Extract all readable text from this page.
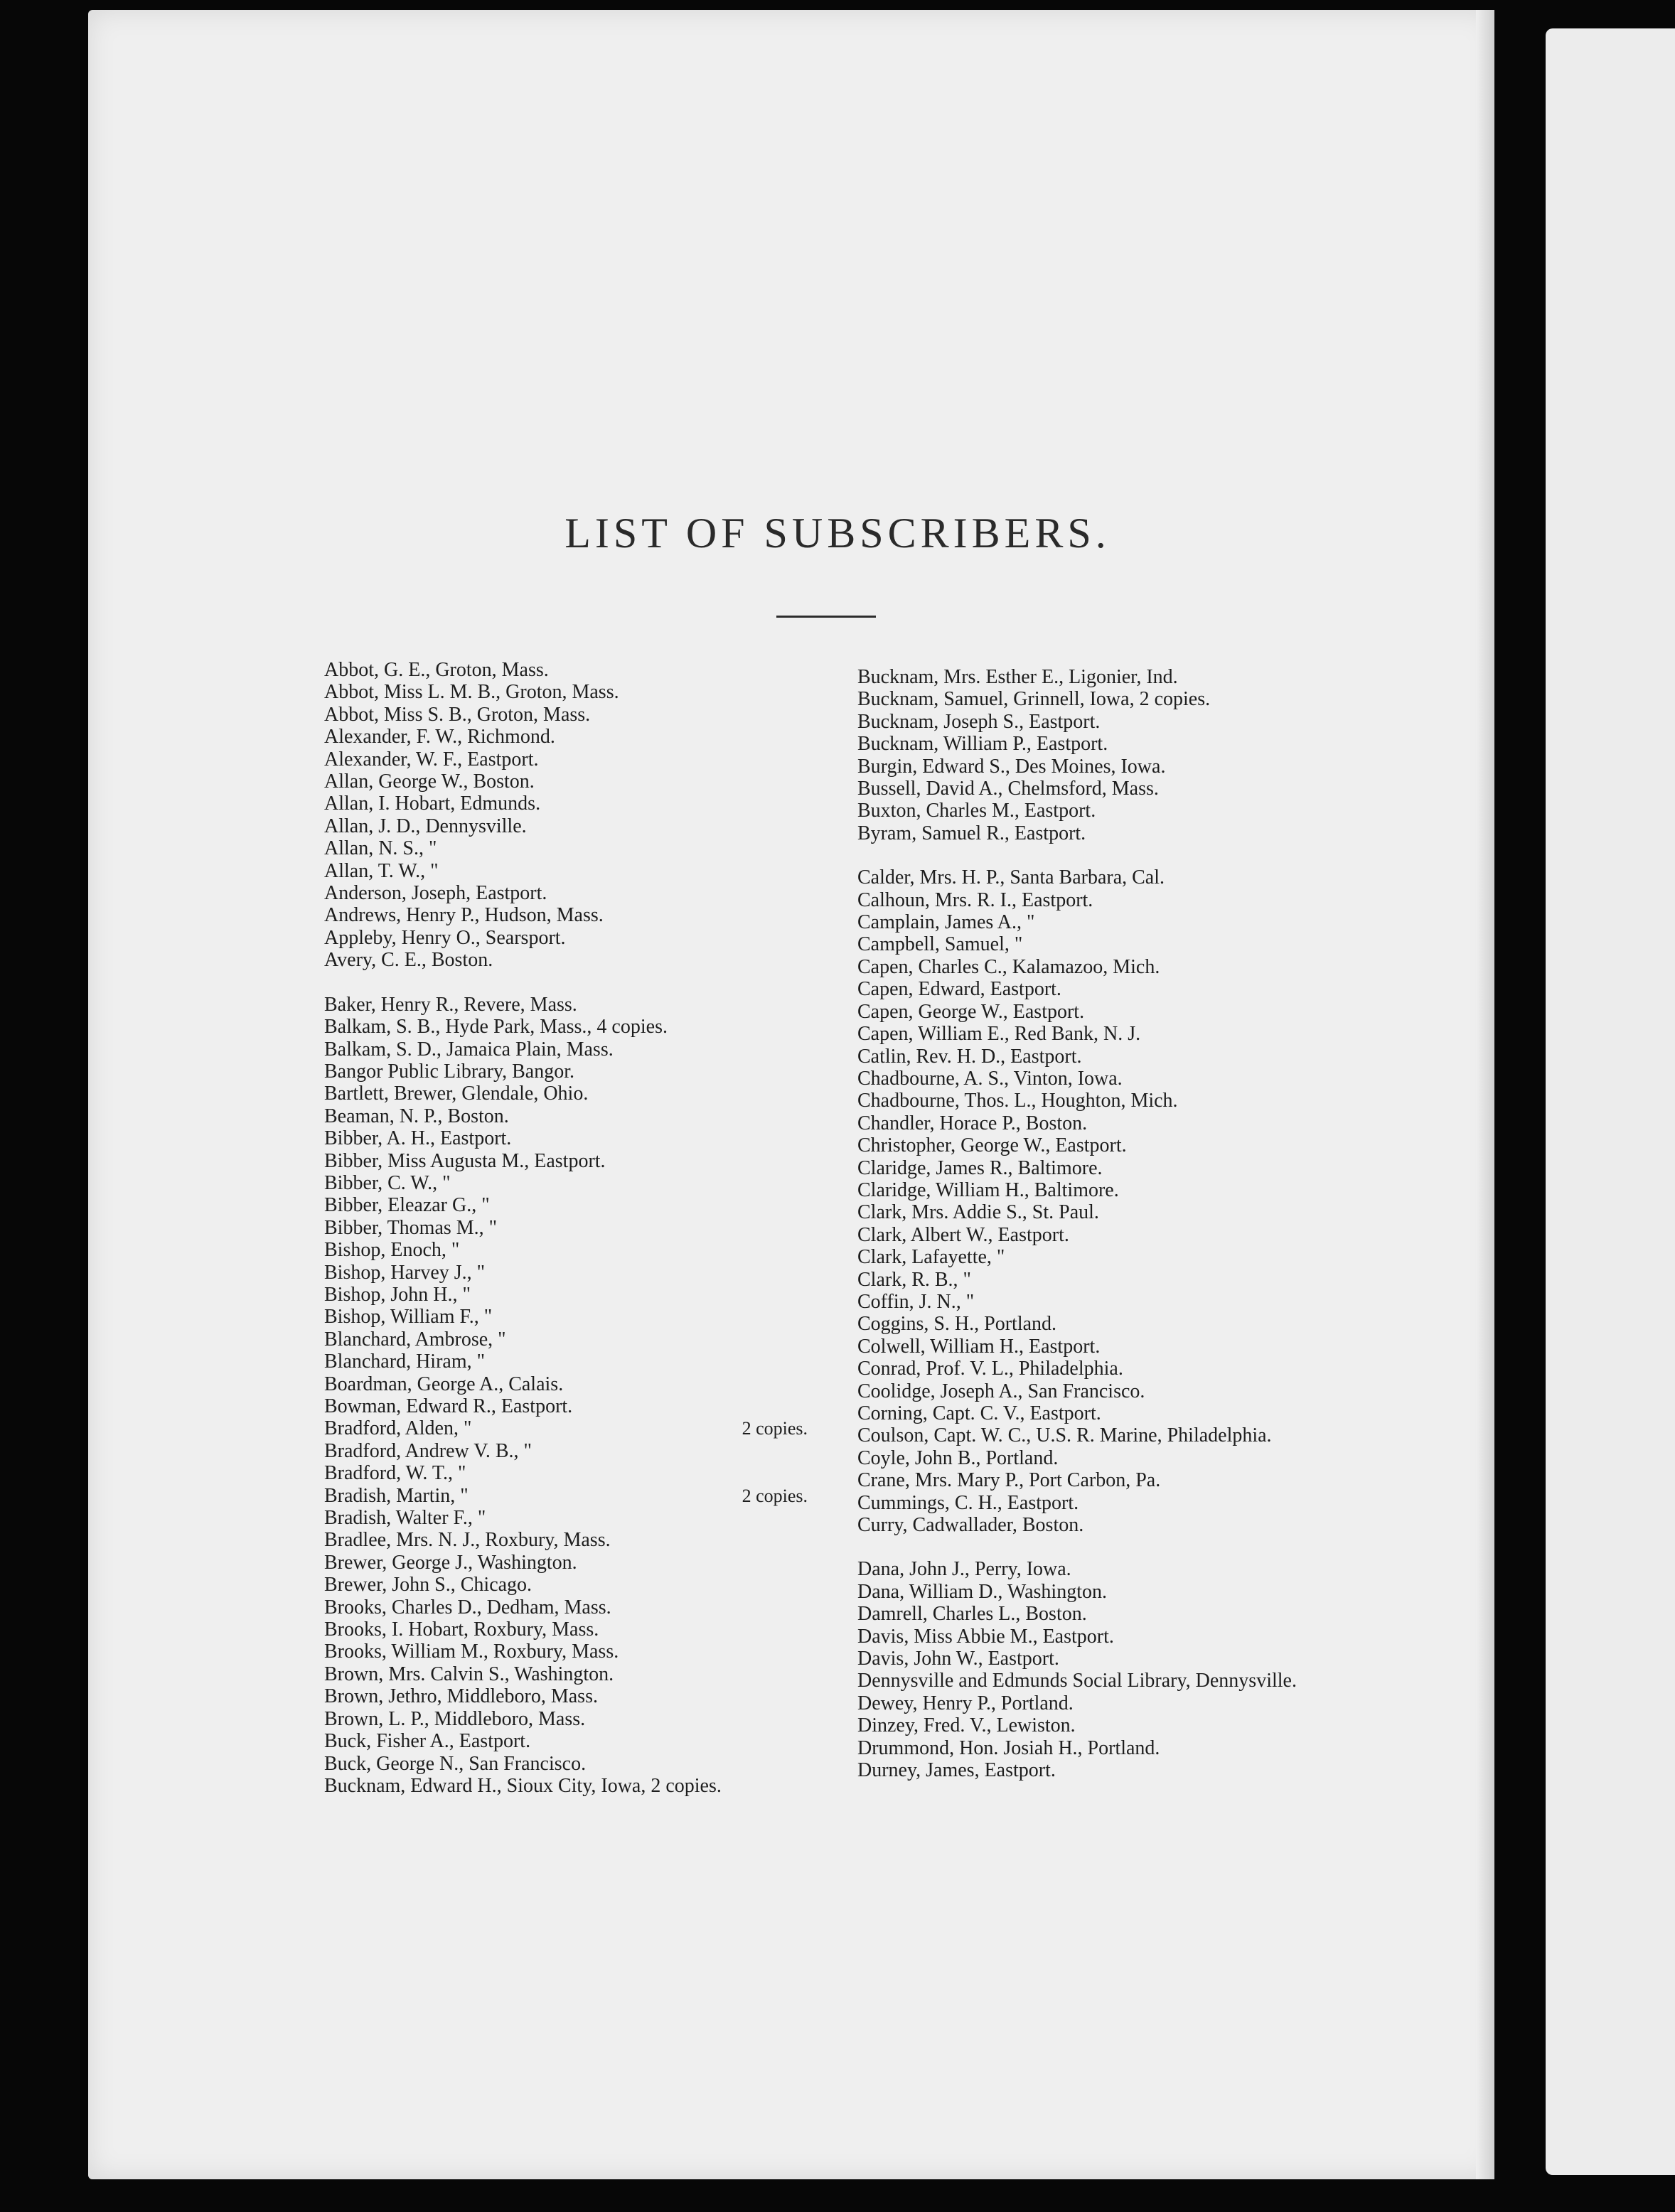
LIST OF SUBSCRIBERS.
Abbot, G. E., Groton, Mass.
Abbot, Miss L. M. B., Groton, Mass.
Abbot, Miss S. B., Groton, Mass.
Alexander, F. W., Richmond.
Alexander, W. F., Eastport.
Allan, George W., Boston.
Allan, I. Hobart, Edmunds.
Allan, J. D., Dennysville.
Allan, N. S., "
Allan, T. W., "
Anderson, Joseph, Eastport.
Andrews, Henry P., Hudson, Mass.
Appleby, Henry O., Searsport.
Avery, C. E., Boston.
Baker, Henry R., Revere, Mass.
Balkam, S. B., Hyde Park, Mass., 4 copies.
Balkam, S. D., Jamaica Plain, Mass.
Bangor Public Library, Bangor.
Bartlett, Brewer, Glendale, Ohio.
Beaman, N. P., Boston.
Bibber, A. H., Eastport.
Bibber, Miss Augusta M., Eastport.
Bibber, C. W., "
Bibber, Eleazar G., "
Bibber, Thomas M., "
Bishop, Enoch, "
Bishop, Harvey J., "
Bishop, John H., "
Bishop, William F., "
Blanchard, Ambrose, "
Blanchard, Hiram, "
Boardman, George A., Calais.
Bowman, Edward R., Eastport.
2 copies.
Bradford, Alden, "
Bradford, Andrew V. B., "
Bradford, W. T., "
2 copies.
Bradish, Martin, "
Bradish, Walter F., "
Bradlee, Mrs. N. J., Roxbury, Mass.
Brewer, George J., Washington.
Brewer, John S., Chicago.
Brooks, Charles D., Dedham, Mass.
Brooks, I. Hobart, Roxbury, Mass.
Brooks, William M., Roxbury, Mass.
Brown, Mrs. Calvin S., Washington.
Brown, Jethro, Middleboro, Mass.
Brown, L. P., Middleboro, Mass.
Buck, Fisher A., Eastport.
Buck, George N., San Francisco.
Bucknam, Edward H., Sioux City, Iowa, 2 copies.
Bucknam, Mrs. Esther E., Ligonier, Ind.
Bucknam, Samuel, Grinnell, Iowa, 2 copies.
Bucknam, Joseph S., Eastport.
Bucknam, William P., Eastport.
Burgin, Edward S., Des Moines, Iowa.
Bussell, David A., Chelmsford, Mass.
Buxton, Charles M., Eastport.
Byram, Samuel R., Eastport.
Calder, Mrs. H. P., Santa Barbara, Cal.
Calhoun, Mrs. R. I., Eastport.
Camplain, James A., "
Campbell, Samuel, "
Capen, Charles C., Kalamazoo, Mich.
Capen, Edward, Eastport.
Capen, George W., Eastport.
Capen, William E., Red Bank, N. J.
Catlin, Rev. H. D., Eastport.
Chadbourne, A. S., Vinton, Iowa.
Chadbourne, Thos. L., Houghton, Mich.
Chandler, Horace P., Boston.
Christopher, George W., Eastport.
Claridge, James R., Baltimore.
Claridge, William H., Baltimore.
Clark, Mrs. Addie S., St. Paul.
Clark, Albert W., Eastport.
Clark, Lafayette, "
Clark, R. B., "
Coffin, J. N., "
Coggins, S. H., Portland.
Colwell, William H., Eastport.
Conrad, Prof. V. L., Philadelphia.
Coolidge, Joseph A., San Francisco.
Corning, Capt. C. V., Eastport.
Coulson, Capt. W. C., U.S. R. Marine, Philadelphia.
Coyle, John B., Portland.
Crane, Mrs. Mary P., Port Carbon, Pa.
Cummings, C. H., Eastport.
Curry, Cadwallader, Boston.
Dana, John J., Perry, Iowa.
Dana, William D., Washington.
Damrell, Charles L., Boston.
Davis, Miss Abbie M., Eastport.
Davis, John W., Eastport.
Dennysville and Edmunds Social Library, Dennysville.
Dewey, Henry P., Portland.
Dinzey, Fred. V., Lewiston.
Drummond, Hon. Josiah H., Portland.
Durney, James, Eastport.
